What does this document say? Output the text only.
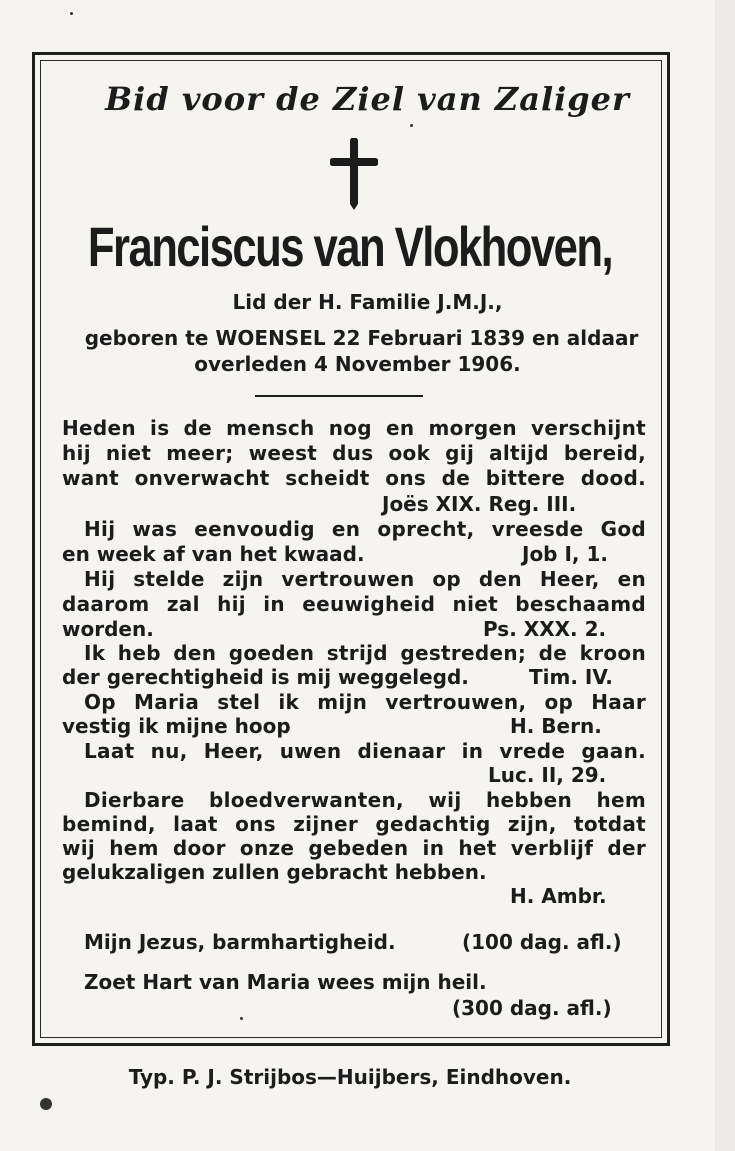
Bid voor de Ziel van Zaliger
Franciscus van Vlokhoven,
Lid der H. Familie J.M.J.,
geboren te WOENSEL 22 Februari 1839 en aldaar
overleden 4 November 1906.
Heden is de mensch nog en morgen verschijnt
hij niet meer; weest dus ook gij altijd bereid,
want onverwacht scheidt ons de bittere dood.
Joës XIX. Reg. III.
Hij was eenvoudig en oprecht, vreesde God
en week af van het kwaad.	Job I, 1.
Hij stelde zijn vertrouwen op den Heer, en
daarom zal hij in eeuwigheid niet beschaamd
worden.	Ps. XXX. 2.
Ik heb den goeden strijd gestreden; de kroon
der gerechtigheid is mij weggelegd.	Tim. IV.
Op Maria stel ik mijn vertrouwen, op Haar
vestig ik mijne hoop	H. Bern.
Laat nu, Heer, uwen dienaar in vrede gaan.
Luc. II, 29.
Dierbare bloedverwanten, wij hebben hem
bemind, laat ons zijner gedachtig zijn, totdat
wij hem door onze gebeden in het verblijf der
gelukzaligen zullen gebracht hebben.
H. Ambr.
Mijn Jezus, barmhartigheid.	(100 dag. afl.)
Zoet Hart van Maria wees mijn heil.
(300 dag. afl.)
Typ. P. J. Strijbos—Huijbers, Eindhoven.
